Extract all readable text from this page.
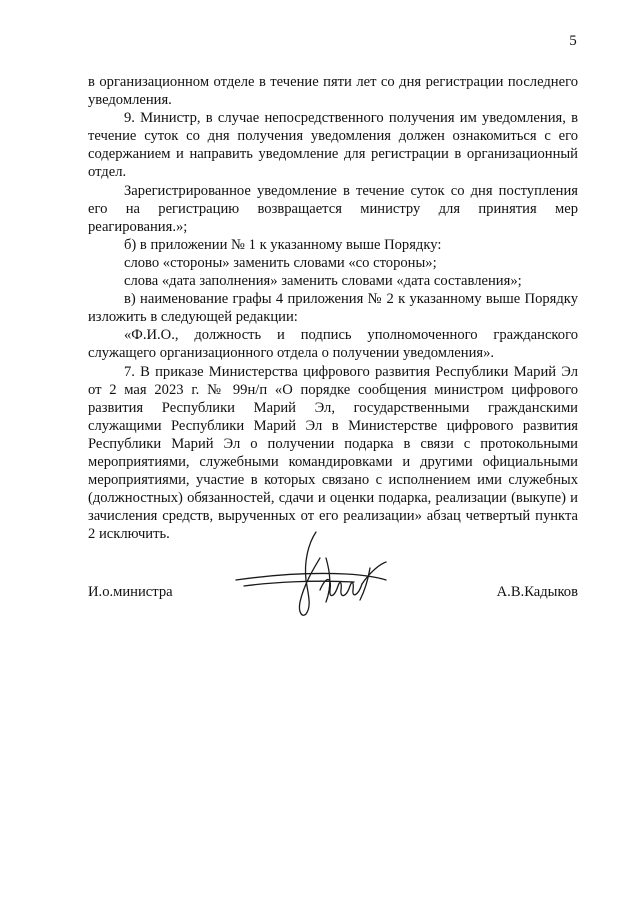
5

в организационном отделе в течение пяти лет со дня регистрации последнего уведомления.

9. Министр, в случае непосредственного получения им уведомления, в течение суток со дня получения уведомления должен ознакомиться с его содержанием и направить уведомление для регистрации в организационный отдел.

Зарегистрированное уведомление в течение суток со дня поступления его на регистрацию возвращается министру для принятия мер реагирования.»;

б) в приложении № 1 к указанному выше Порядку:

слово «стороны» заменить словами «со стороны»;

слова «дата заполнения» заменить словами «дата составления»;

в) наименование графы 4 приложения № 2 к указанному выше Порядку изложить в следующей редакции:

«Ф.И.О., должность и подпись уполномоченного гражданского служащего организационного отдела о получении уведомления».

7. В приказе Министерства цифрового развития Республики Марий Эл от 2 мая 2023 г. № 99н/п «О порядке сообщения министром цифрового развития Республики Марий Эл, государственными гражданскими служащими Республики Марий Эл в Министерстве цифрового развития Республики Марий Эл о получении подарка в связи с протокольными мероприятиями, служебными командировками и другими официальными мероприятиями, участие в которых связано с исполнением ими служебных (должностных) обязанностей, сдачи и оценки подарка, реализации (выкупе) и зачисления средств, вырученных от его реализации» абзац четвертый пункта 2 исключить.

И.о.министра	А.В.Кадыков
